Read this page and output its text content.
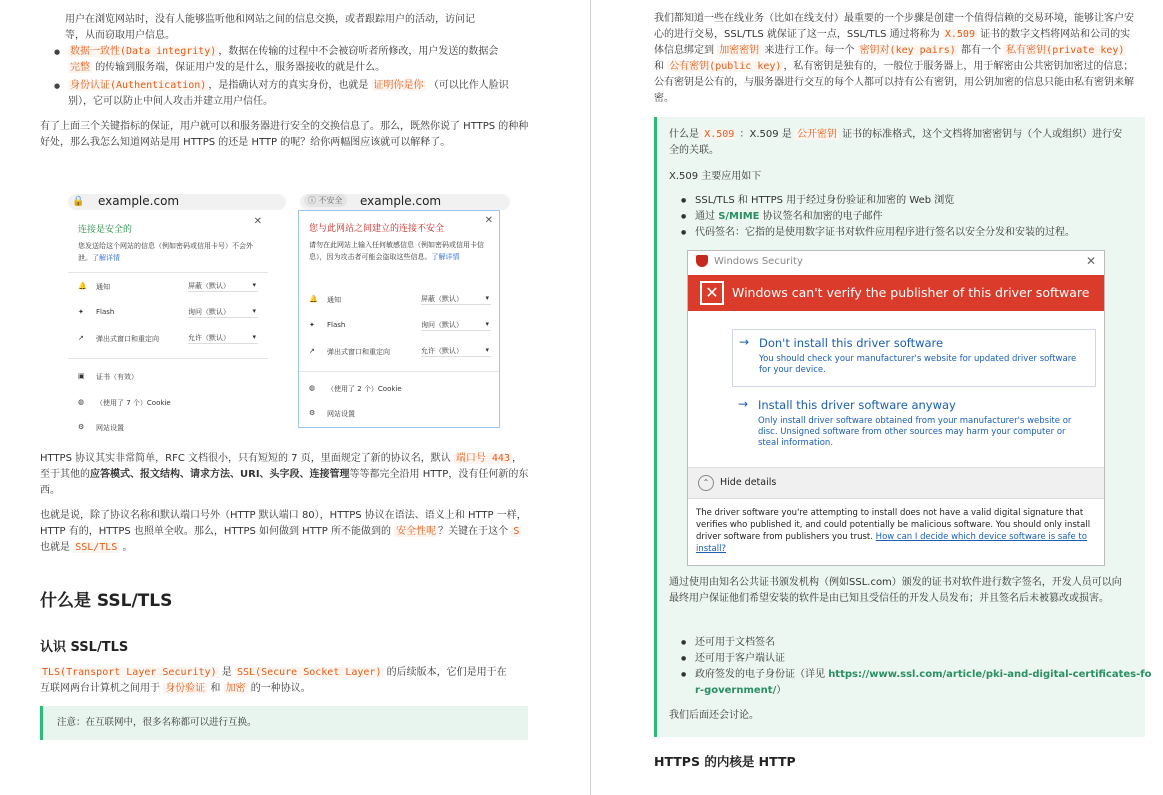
用户在浏览网站时，没有人能够监听他和网站之间的信息交换，或者跟踪用户的活动，访问记

等，从而窃取用户信息。

● 数据一致性(Data integrity) ，数据在传输的过程中不会被窃听者所修改，用户发送的数据会
完整 的传输到服务端，保证用户发的是什么，服务器接收的就是什么。
● 身份认证(Authentication) ，是指确认对方的真实身份，也就是 证明你是你 （可以比作人脸识
别），它可以防止中间人攻击并建立用户信任。

有了上面三个关键指标的保证，用户就可以和服务器进行安全的交换信息了。那么，既然你说了 HTTPS 的种种好处，那么我怎么知道网站是用 HTTPS 的还是 HTTP 的呢？给你两幅图应该就可以解释了。

🔒 example.com
✕
连接是安全的
您发送给这个网站的信息（例如密码或信用卡号）不会外泄。了解详情
🔔 通知	屏蔽（默认） ▾
✦ Flash	询问（默认） ▾
↗ 弹出式窗口和重定向	允许（默认） ▾
▣ 证书（有效）
◍ （使用了 7 个）Cookie
⚙ 网站设置
ⓘ 不安全	example.com
✕
您与此网站之间建立的连接不安全
请勿在此网站上输入任何敏感信息（例如密码或信用卡信息），因为攻击者可能会盗取这些信息。了解详情
🔔 通知	屏蔽（默认） ▾
✦ Flash	询问（默认） ▾
↗ 弹出式窗口和重定向	允许（默认） ▾
◍ （使用了 2 个）Cookie
⚙ 网站设置

HTTPS 协议其实非常简单，RFC 文档很小，只有短短的 7 页，里面规定了新的协议名，默认 端口号 443 ，至于其他的应答模式、报文结构、请求方法、URI、头字段、连接管理等等都完全沿用 HTTP，没有任何新的东西。

也就是说，除了协议名称和默认端口号外（HTTP 默认端口 80），HTTPS 协议在语法、语义上和 HTTP 一样，HTTP 有的，HTTPS 也照单全收。那么，HTTPS 如何做到 HTTP 所不能做到的 安全性呢 ？关键在于这个 S 也就是 SSL/TLS 。

什么是 SSL/TLS
认识 SSL/TLS

TLS(Transport Layer Security) 是 SSL(Secure Socket Layer) 的后续版本，它们是用于在
互联网两台计算机之间用于 身份验证 和 加密 的一种协议。

注意：在互联网中，很多名称都可以进行互换。

我们都知道一些在线业务（比如在线支付）最重要的一个步骤是创建一个值得信赖的交易环境，能够让客户安心的进行交易，SSL/TLS 就保证了这一点，SSL/TLS 通过将称为 X.509 证书的数字文档将网站和公司的实体信息绑定到 加密密钥 来进行工作。每一个 密钥对(key pairs) 都有一个 私有密钥(private key) 和 公有密钥(public key) ，私有密钥是独有的，一般位于服务器上，用于解密由公共密钥加密过的信息；公有密钥是公有的，与服务器进行交互的每个人都可以持有公有密钥，用公钥加密的信息只能由私有密钥来解密。

什么是 X.509 ：X.509 是 公开密钥 证书的标准格式，这个文档将加密密钥与（个人或组织）进行安全的关联。

X.509 主要应用如下

● SSL/TLS 和 HTTPS 用于经过身份验证和加密的 Web 浏览
● 通过 S/MIME 协议签名和加密的电子邮件
● 代码签名：它指的是使用数字证书对软件应用程序进行签名以安全分发和安装的过程。
Windows Security	✕
✕	Windows can't verify the publisher of this driver software
→ Don't install this driver software
You should check your manufacturer's website for updated driver software for your device.
→ Install this driver software anyway
Only install driver software obtained from your manufacturer's website or disc. Unsigned software from other sources may harm your computer or steal information.
⌃	Hide details
The driver software you're attempting to install does not have a valid digital signature that verifies who published it, and could potentially be malicious software. You should only install driver software from publishers you trust. How can I decide which device software is safe to install?

通过使用由知名公共证书颁发机构（例如SSL.com）颁发的证书对软件进行数字签名，开发人员可以向最终用户保证他们希望安装的软件是由已知且受信任的开发人员发布；并且签名后未被篡改或损害。

● 还可用于文档签名
● 还可用于客户端认证
● 政府签发的电子身份证（详见 https://www.ssl.com/article/pki-and-digital-certificates-for-government/）

我们后面还会讨论。

HTTPS 的内核是 HTTP
